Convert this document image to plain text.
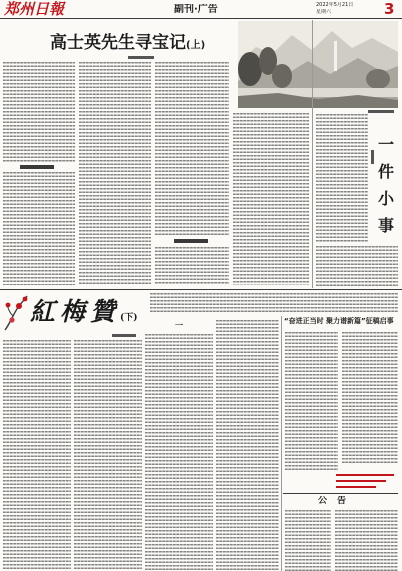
郑州日報	副刊·广告	2022年5月21日
星期六	3
高士英先生寻宝记(上)
一
件
小
事
紅梅贊(下)
一	“奋进正当时 聚力谱新篇”征稿启事
公告
